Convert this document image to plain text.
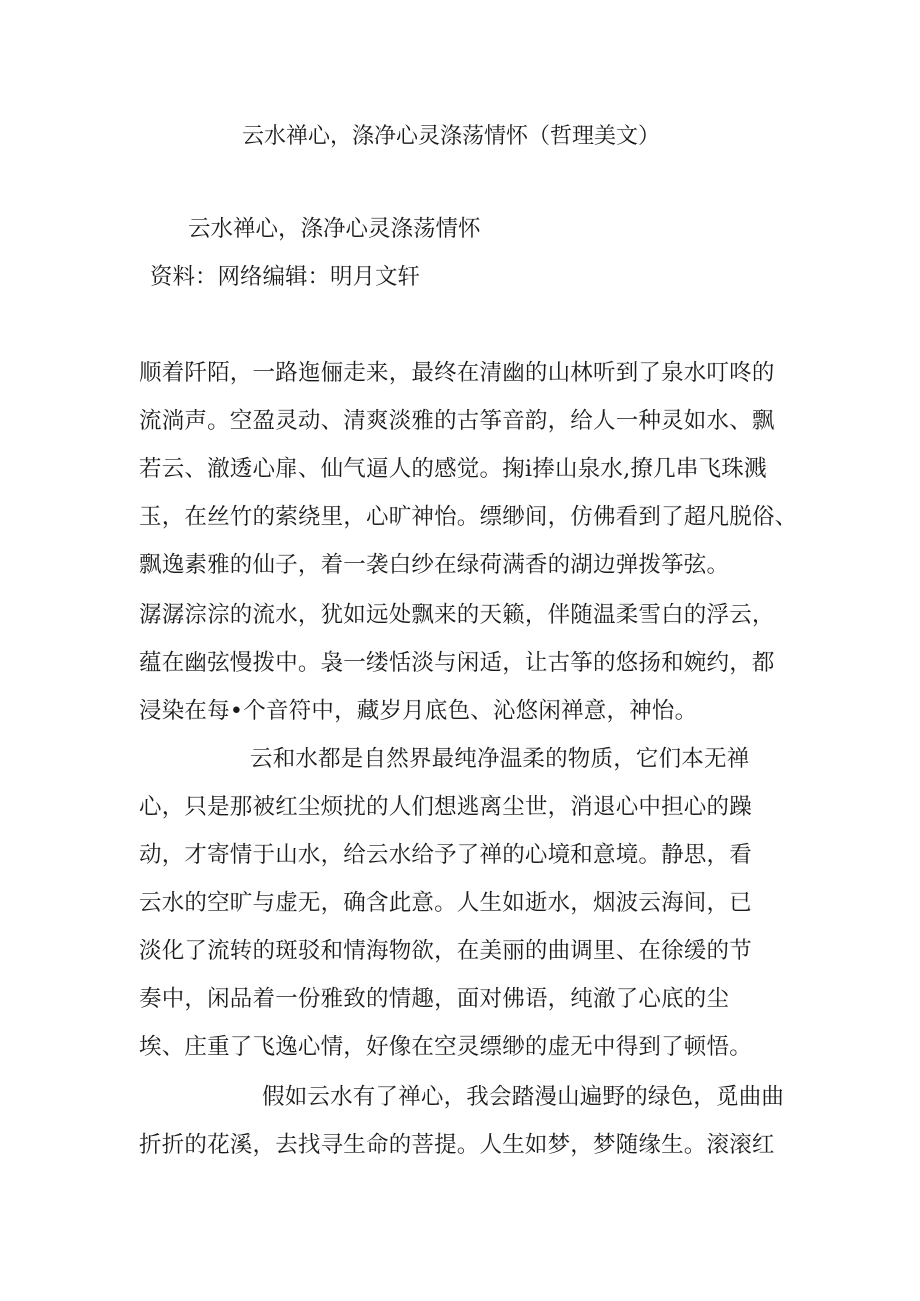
云水禅心，涤净心灵涤荡情怀（哲理美文）
云水禅心，涤净心灵涤荡情怀
资料：网络编辑：明月文轩
顺着阡陌，一路迤俪走来，最终在清幽的山林听到了泉水叮咚的
流淌声。空盈灵动、清爽淡雅的古筝音韵，给人一种灵如水、飘
若云、澈透心扉、仙气逼人的感觉。掬i捧山泉水,撩几串飞珠溅
玉，在丝竹的萦绕里，心旷神怡。缥缈间，仿佛看到了超凡脱俗、
飘逸素雅的仙子，着一袭白纱在绿荷满香的湖边弹拨筝弦。
潺潺淙淙的流水，犹如远处飘来的天籁，伴随温柔雪白的浮云，
蕴在幽弦慢拨中。袅一缕恬淡与闲适，让古筝的悠扬和婉约，都
浸染在每•个音符中，藏岁月底色、沁悠闲禅意，神怡。
云和水都是自然界最纯净温柔的物质，它们本无禅
心，只是那被红尘烦扰的人们想逃离尘世，消退心中担心的躁
动，才寄情于山水，给云水给予了禅的心境和意境。静思，看
云水的空旷与虚无，确含此意。人生如逝水，烟波云海间，已
淡化了流转的斑驳和情海物欲，在美丽的曲调里、在徐缓的节
奏中，闲品着一份雅致的情趣，面对佛语，纯澈了心底的尘
埃、庄重了飞逸心情，好像在空灵缥缈的虚无中得到了顿悟。
假如云水有了禅心，我会踏漫山遍野的绿色，觅曲曲
折折的花溪，去找寻生命的菩提。人生如梦，梦随缘生。滚滚红
